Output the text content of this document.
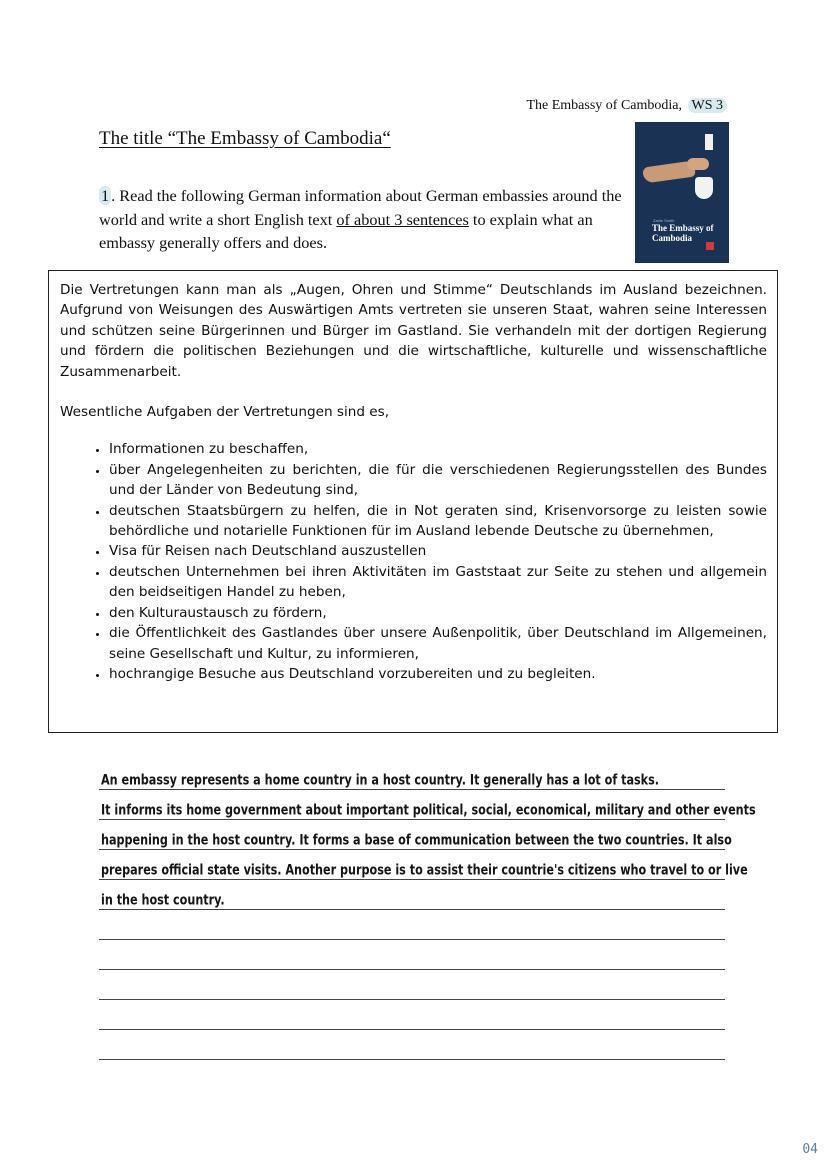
The Embassy of Cambodia, WS 3
The title “The Embassy of Cambodia“
1 . Read the following German information about German embassies around the world and write a short English text of about 3 sentences to explain what an embassy generally offers and does.
Zadie Smith
The Embassy of Cambodia

Die Vertretungen kann man als „Augen, Ohren und Stimme“ Deutschlands im Ausland bezeichnen. Aufgrund von Weisungen des Auswärtigen Amts vertreten sie unseren Staat, wahren seine Interessen und schützen seine Bürgerinnen und Bürger im Gastland. Sie verhandeln mit der dortigen Regierung und fördern die politischen Beziehungen und die wirtschaftliche, kulturelle und wissenschaftliche Zusammenarbeit.

Wesentliche Aufgaben der Vertretungen sind es,

• Informationen zu beschaffen,
• über Angelegenheiten zu berichten, die für die verschiedenen Regierungsstellen des Bundes und der Länder von Bedeutung sind,
• deutschen Staatsbürgern zu helfen, die in Not geraten sind, Krisenvorsorge zu leisten sowie behördliche und notarielle Funktionen für im Ausland lebende Deutsche zu übernehmen,
• Visa für Reisen nach Deutschland auszustellen
• deutschen Unternehmen bei ihren Aktivitäten im Gaststaat zur Seite zu stehen und allgemein den beidseitigen Handel zu heben,
• den Kulturaustausch zu fördern,
• die Öffentlichkeit des Gastlandes über unsere Außenpolitik, über Deutschland im Allgemeinen, seine Gesellschaft und Kultur, zu informieren,
• hochrangige Besuche aus Deutschland vorzubereiten und zu begleiten.
An embassy represents a home country in a host country. It generally has a lot of tasks.
It informs its home government about important political, social, economical, military and other events
happening in the host country. It forms a base of communication between the two countries. It also
prepares official state visits. Another purpose is to assist their countrie's citizens who travel to or live
in the host country.
04
